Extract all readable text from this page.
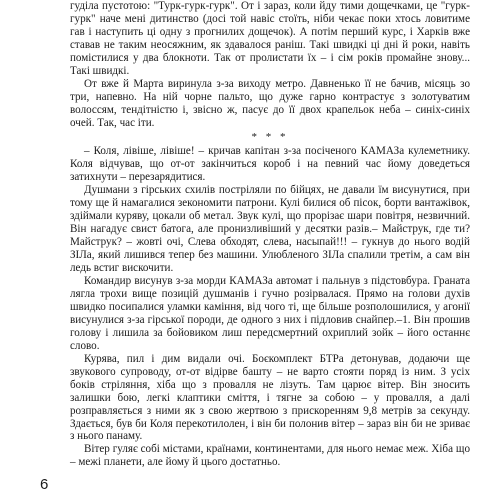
гуділа пустотою: "Турк-гурк-гурк". От і зараз, коли йду тими дощечками, це "гурк-гурк" наче мені дитинство (досі той навіс стоїть, ніби чекає поки хтось ловитиме гав і наступить ці одну з прогнилих дощечок). А потім перший курс, і Харків вже ставав не таким неосяжним, як здавалося раніш. Такі швидкі ці дні й роки, навіть помістилися у два блокноти. Так от пролистати їх – і сім років промайне знову... Такі швидкі.

От вже й Марта виринула з-за виходу метро. Давненько її не бачив, місяць зо три, напевно. На ній чорне пальто, що дуже гарно контрастує з золотуватим волоссям, тендітністю і, звісно ж, пасує до її двох крапельок неба – синіх-синіх очей. Так, час іти.

* * *

– Коля, лівіше, лівіше! – кричав капітан з-за посіченого КАМАЗа кулеметнику. Коля відчував, що от-от закінчиться короб і на певний час йому доведеться затихнути – перезарядитися.

Душмани з гірських схилів постріляли по бійцях, не давали їм висунутися, при тому ще й намагалися зекономити патрони. Кулі билися об пісок, борти вантажівок, здіймали куряву, цокали об метал. Звук кулі, що прорізає шари повітря, незвичний. Він нагадує свист батога, але пронизливіший у десятки разів.– Майструк, где ти? Майструк? – жовті очі, Слева обходят, слева, насыпай!!! – гукнув до нього водій ЗІЛа, який лишився тепер без машини. Улюбленого ЗІЛа спалили третім, а сам він ледь встиг вискочити.

Командир висунув з-за морди КАМАЗа автомат і пальнув з підстовбура. Граната лягла трохи вище позицій душманів і гучно розірвалася. Прямо на голови духів швидко посипалися уламки каміння, від чого ті, ще більше розполошилися, у агонії висунулися з-за гірської породи, де одного з них і підловив снайпер.–1. Він прошив голову і лишила за бойовиком лиш передсмертний охриплий зойк – його останнє слово.

Курява, пил і дим видали очі. Боєкомплект БТРа детонував, додаючи ще звукового супроводу, от-от відірве башту – не варто стояти поряд із ним. З усіх боків стріляння, хіба що з провалля не лізуть. Там царює вітер. Він зносить залишки бою, легкі клаптики сміття, і тягне за собою – у провалля, а далі розправляється з ними як з свою жертвою з прискоренням 9,8 метрів за секунду. Здається, був би Коля перекотилолен, і він би полонив вітер – зараз він би не зриває з нього панаму.

Вітер гуляє собі містами, країнами, континентами, для нього немає меж. Хіба що – межі планети, але йому й цього достатньо.

6
